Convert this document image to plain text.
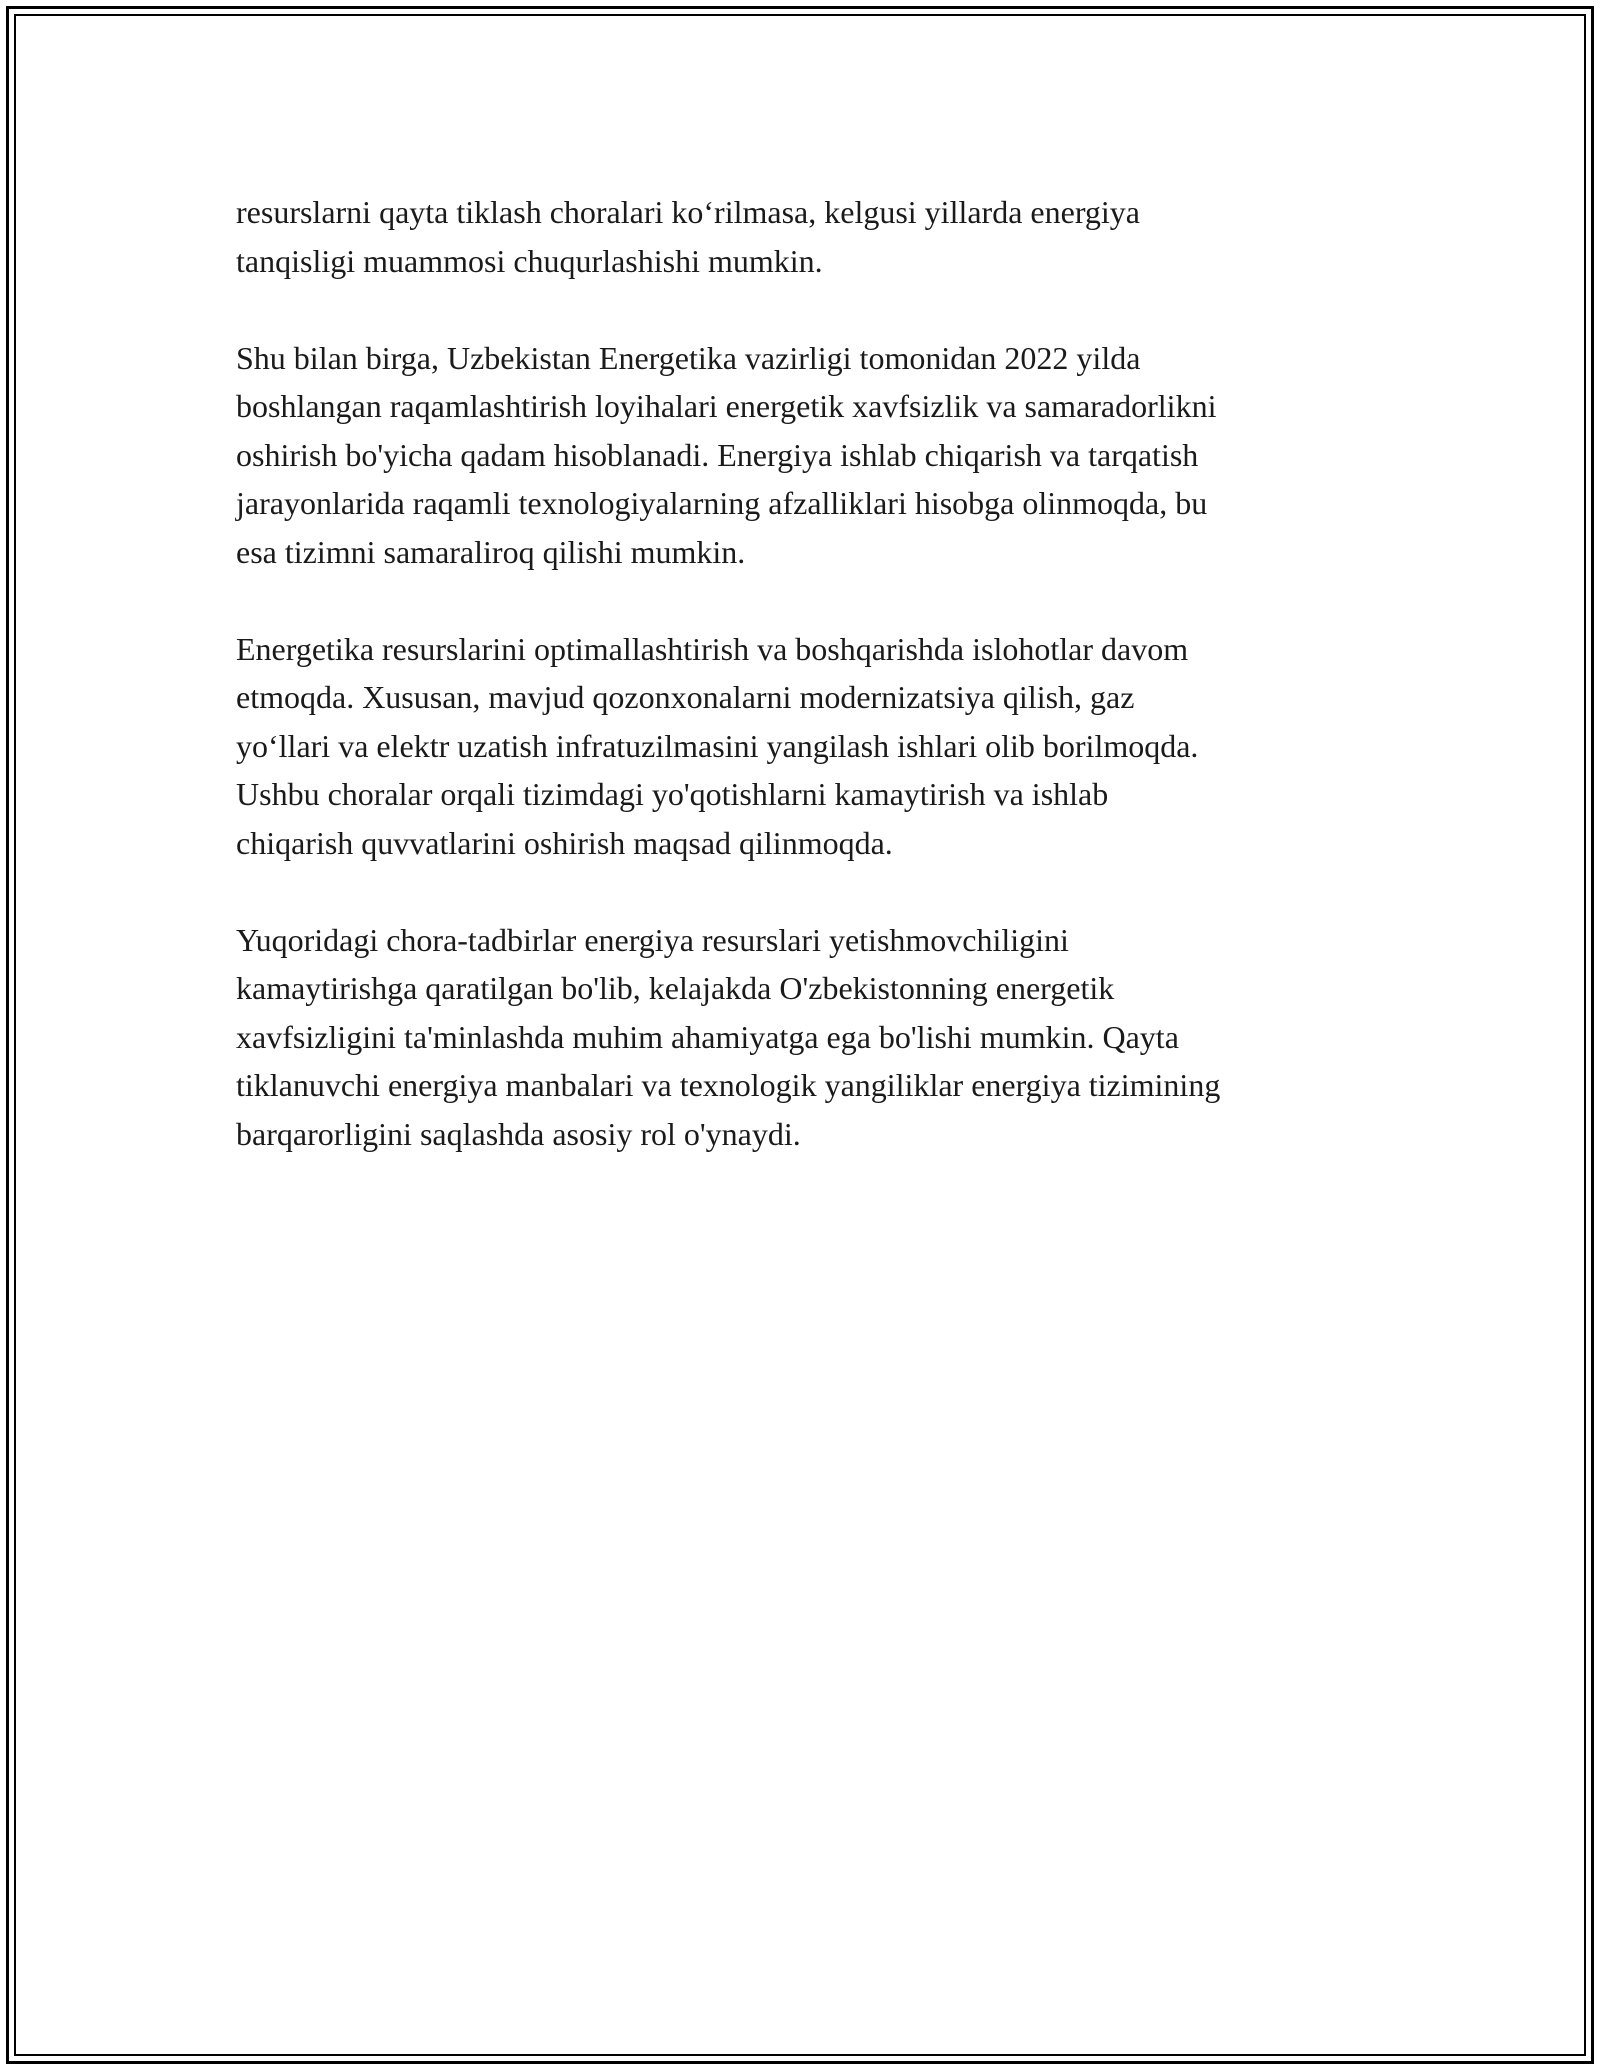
resurslarni qayta tiklash choralari koʻrilmasa, kelgusi yillarda energiya
tanqisligi muammosi chuqurlashishi mumkin.

Shu bilan birga, Uzbekistan Energetika vazirligi tomonidan 2022 yilda
boshlangan raqamlashtirish loyihalari energetik xavfsizlik va samaradorlikni
oshirish bo'yicha qadam hisoblanadi. Energiya ishlab chiqarish va tarqatish
jarayonlarida raqamli texnologiyalarning afzalliklari hisobga olinmoqda, bu
esa tizimni samaraliroq qilishi mumkin.

Energetika resurslarini optimallashtirish va boshqarishda islohotlar davom
etmoqda. Xususan, mavjud qozonxonalarni modernizatsiya qilish, gaz
yoʻllari va elektr uzatish infratuzilmasini yangilash ishlari olib borilmoqda.
Ushbu choralar orqali tizimdagi yo'qotishlarni kamaytirish va ishlab
chiqarish quvvatlarini oshirish maqsad qilinmoqda.

Yuqoridagi chora-tadbirlar energiya resurslari yetishmovchiligini
kamaytirishga qaratilgan bo'lib, kelajakda O'zbekistonning energetik
xavfsizligini ta'minlashda muhim ahamiyatga ega bo'lishi mumkin. Qayta
tiklanuvchi energiya manbalari va texnologik yangiliklar energiya tizimining
barqarorligini saqlashda asosiy rol o'ynaydi.
